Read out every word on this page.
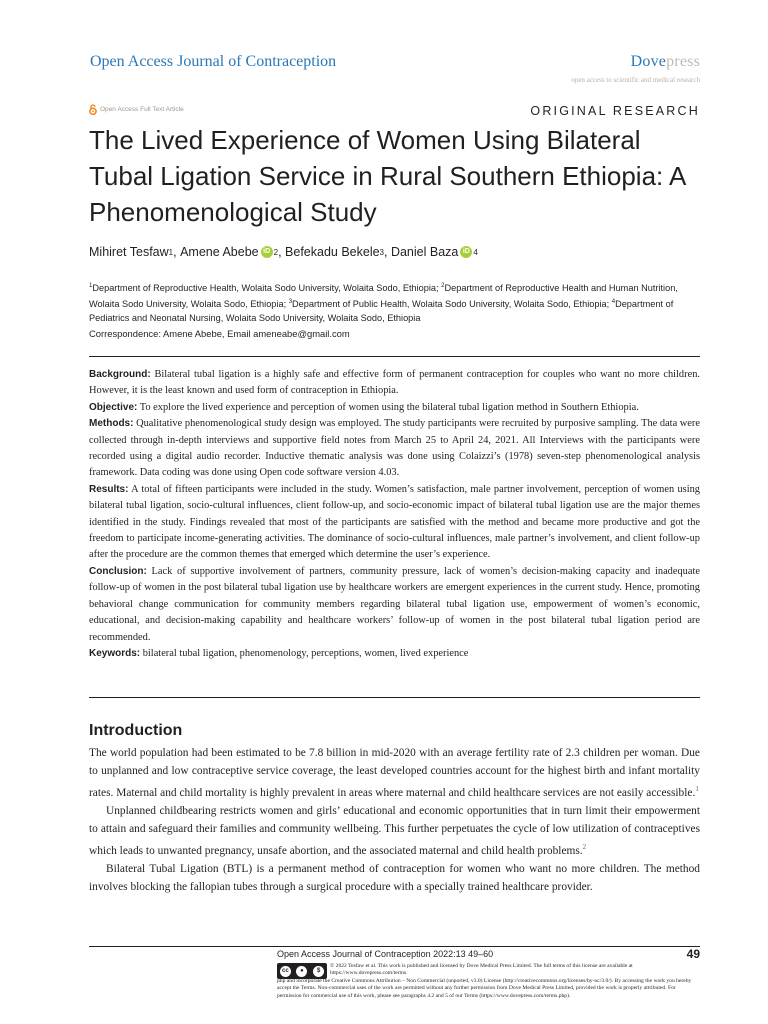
Open Access Journal of Contraception	Dovepress
open access to scientific and medical research
Open Access Full Text Article	ORIGINAL RESEARCH
The Lived Experience of Women Using Bilateral Tubal Ligation Service in Rural Southern Ethiopia: A Phenomenological Study
Mihiret Tesfaw 1 , Amene Abebe iD 2 , Befekadu Bekele 3 , Daniel Baza iD 4
$^1$Department of Reproductive Health, Wolaita Sodo University, Wolaita Sodo, Ethiopia; $^2$Department of Reproductive Health and Human Nutrition, Wolaita Sodo University, Wolaita Sodo, Ethiopia; $^3$Department of Public Health, Wolaita Sodo University, Wolaita Sodo, Ethiopia; $^4$Department of Pediatrics and Neonatal Nursing, Wolaita Sodo University, Wolaita Sodo, Ethiopia
Correspondence: Amene Abebe, Email ameneabe@gmail.com

Background: Bilateral tubal ligation is a highly safe and effective form of permanent contraception for couples who want no more children. However, it is the least known and used form of contraception in Ethiopia.

Objective: To explore the lived experience and perception of women using the bilateral tubal ligation method in Southern Ethiopia.

Methods: Qualitative phenomenological study design was employed. The study participants were recruited by purposive sampling. The data were collected through in-depth interviews and supportive field notes from March 25 to April 24, 2021. All Interviews with the participants were recorded using a digital audio recorder. Inductive thematic analysis was done using Colaizzi’s (1978) seven-step phenomenological analysis framework. Data coding was done using Open code software version 4.03.

Results: A total of fifteen participants were included in the study. Women’s satisfaction, male partner involvement, perception of women using bilateral tubal ligation, socio-cultural influences, client follow-up, and socio-economic impact of bilateral tubal ligation use are the major themes identified in the study. Findings revealed that most of the participants are satisfied with the method and became more productive and got the freedom to participate income-generating activities. The dominance of socio-cultural influences, male partner’s involvement, and client follow-up after the procedure are the common themes that emerged which determine the user’s experience.

Conclusion: Lack of supportive involvement of partners, community pressure, lack of women’s decision-making capacity and inadequate follow-up of women in the post bilateral tubal ligation use by healthcare workers are emergent experiences in the current study. Hence, promoting behavioral change communication for community members regarding bilateral tubal ligation use, empowerment of women’s economic, educational, and decision-making capability and healthcare workers’ follow-up of women in the post bilateral tubal ligation period are recommended.

Keywords: bilateral tubal ligation, phenomenology, perceptions, women, lived experience

Introduction

The world population had been estimated to be 7.8 billion in mid-2020 with an average fertility rate of 2.3 children per woman. Due to unplanned and low contraceptive service coverage, the least developed countries account for the highest birth and infant mortality rates. Maternal and child mortality is highly prevalent in areas where maternal and child healthcare services are not easily accessible.$^1$

Unplanned childbearing restricts women and girls’ educational and economic opportunities that in turn limit their empowerment to attain and safeguard their families and community wellbeing. This further perpetuates the cycle of low utilization of contraceptives which leads to unwanted pregnancy, unsafe abortion, and the associated maternal and child health problems.$^2$

Bilateral Tubal Ligation (BTL) is a permanent method of contraception for women who want no more children. The method involves blocking the fallopian tubes through a surgical procedure with a specially trained healthcare provider.

Open Access Journal of Contraception 2022:13 49–60	49
cc	●	$
© 2022 Tesfaw et al. This work is published and licensed by Dove Medical Press Limited. The full terms of this license are available at https://www.dovepress.com/terms.
php and incorporate the Creative Commons Attribution – Non Commercial (unported, v3.0) License (http://creativecommons.org/licenses/by-nc/3.0/). By accessing the work you hereby accept the Terms. Non-commercial uses of the work are permitted without any further permission from Dove Medical Press Limited, provided the work is properly attributed. For permission for commercial use of this work, please see paragraphs 4.2 and 5 of our Terms (https://www.dovepress.com/terms.php).
